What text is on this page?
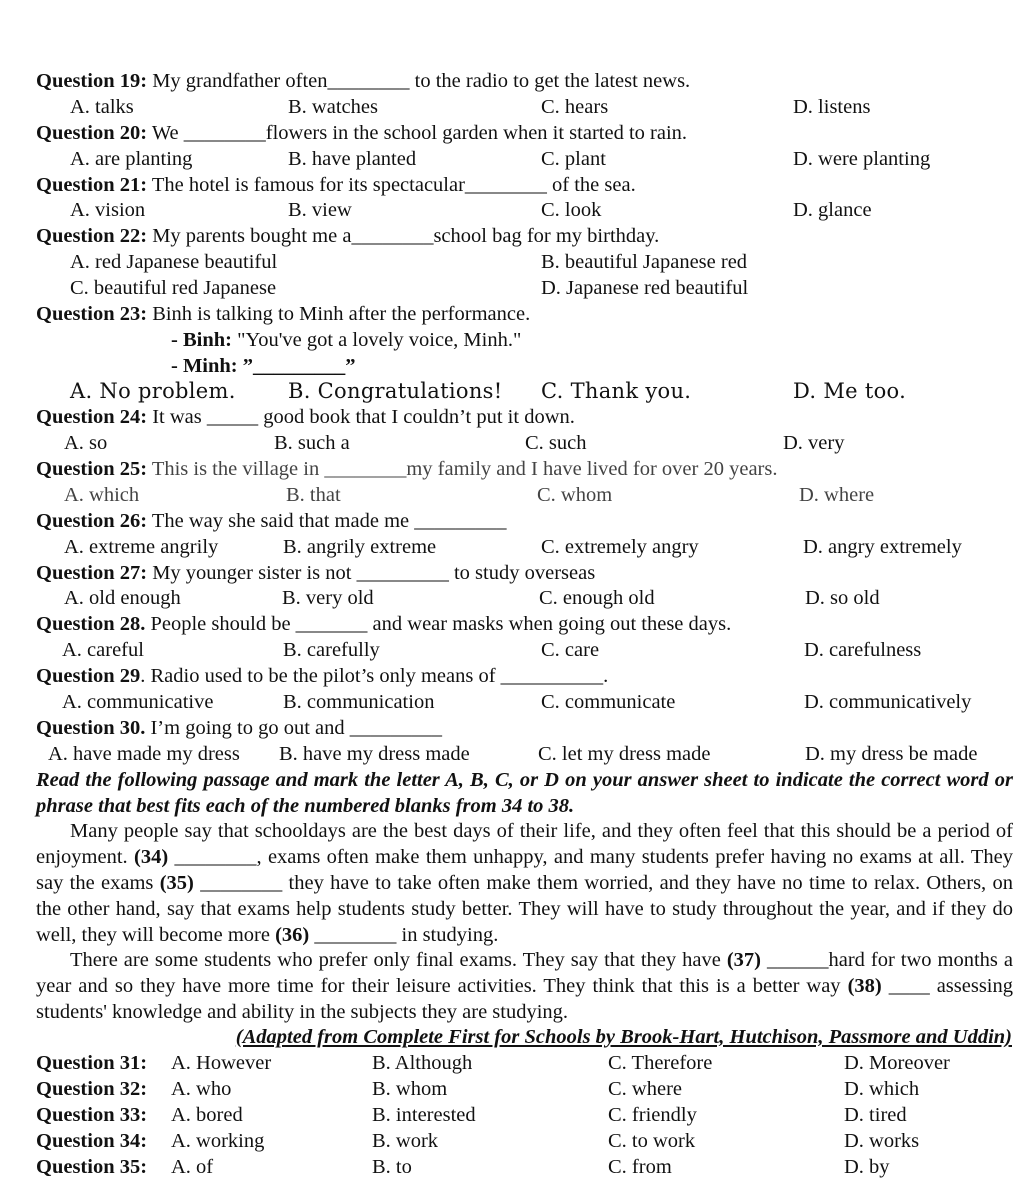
Question 19: My grandfather often________ to the radio to get the latest news.
A. talks	B. watches	C. hears	D. listens
Question 20: We ________flowers in the school garden when it started to rain.
A. are planting	B. have planted	C. plant	D. were planting
Question 21: The hotel is famous for its spectacular________ of the sea.
A. vision	B. view	C. look	D. glance
Question 22: My parents bought me a________school bag for my birthday.
A. red Japanese beautiful	B. beautiful Japanese red
C. beautiful red Japanese	D. Japanese red beautiful
Question 23: Binh is talking to Minh after the performance.
- Binh: "You've got a lovely voice, Minh."
- Minh: ”_________”
A. No problem. B. Congratulations! C. Thank you.	D. Me too.
Question 24: It was _____ good book that I couldn’t put it down.
A. so	B. such a	C. such	D. very
Question 25: This is the village in ________my family and I have lived for over 20 years.
A. which	B. that	C. whom	D. where
Question 26: The way she said that made me _________
A. extreme angrily	B. angrily extreme	C. extremely angry	D. angry extremely
Question 27: My younger sister is not _________ to study overseas
A. old enough	B. very old	C. enough old	D. so old
Question 28. People should be _______ and wear masks when going out these days.
A. careful	B. carefully	C. care	D. carefulness
Question 29. Radio used to be the pilot’s only means of __________.
A. communicative	B. communication	C. communicate	D. communicatively
Question 30. I’m going to go out and _________
A. have made my dress B. have my dress made	C. let my dress made	D. my dress be made
Read the following passage and mark the letter A, B, C, or D on your answer sheet to indicate the correct word or phrase that best fits each of the numbered blanks from 34 to 38.
Many people say that schooldays are the best days of their life, and they often feel that this should be a period of enjoyment. (34) ________, exams often make them unhappy, and many students prefer having no exams at all. They say the exams (35) ________ they have to take often make them worried, and they have no time to relax. Others, on the other hand, say that exams help students study better. They will have to study throughout the year, and if they do well, they will become more (36) ________ in studying.
There are some students who prefer only final exams. They say that they have (37) ______hard for two months a year and so they have more time for their leisure activities. They think that this is a better way (38) ____ assessing students' knowledge and ability in the subjects they are studying.
(Adapted from Complete First for Schools by Brook-Hart, Hutchison, Passmore and Uddin)
Question 31: A. However	B. Although	C. Therefore	D. Moreover
Question 32: A. who	B. whom	C. where	D. which
Question 33: A. bored	B. interested	C. friendly	D. tired
Question 34: A. working	B. work	C. to work	D. works
Question 35: A. of	B. to	C. from	D. by
